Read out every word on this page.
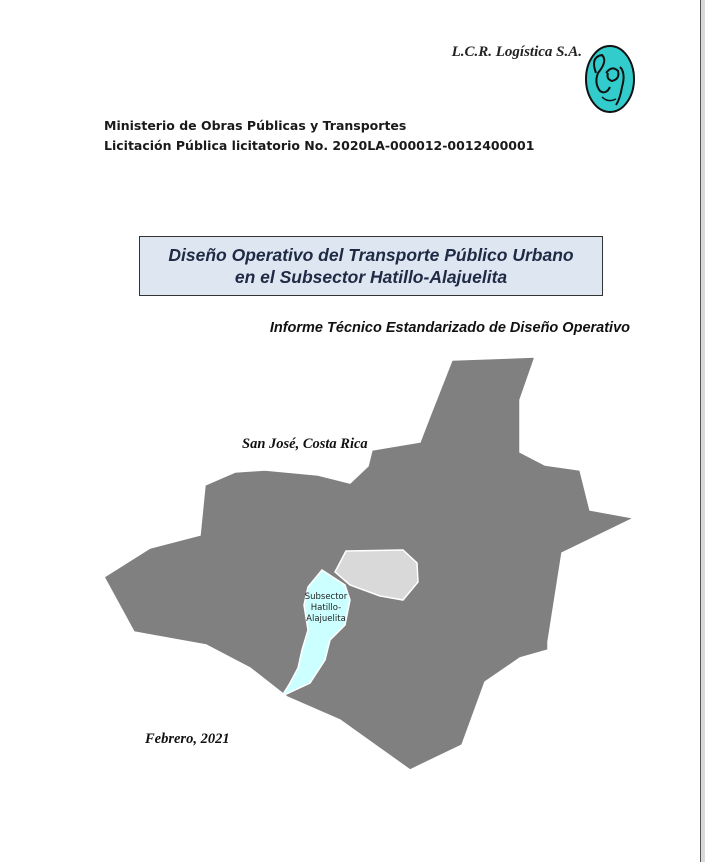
L.C.R. Logística S.A.
Ministerio de Obras Públicas y Transportes
Licitación Pública licitatorio No. 2020LA-000012-0012400001
Diseño Operativo del Transporte Público Urbano
en el Subsector Hatillo-Alajuelita
Informe Técnico Estandarizado de Diseño Operativo
San José, Costa Rica
Subsector
Hatillo-
Alajuelita
Febrero, 2021
